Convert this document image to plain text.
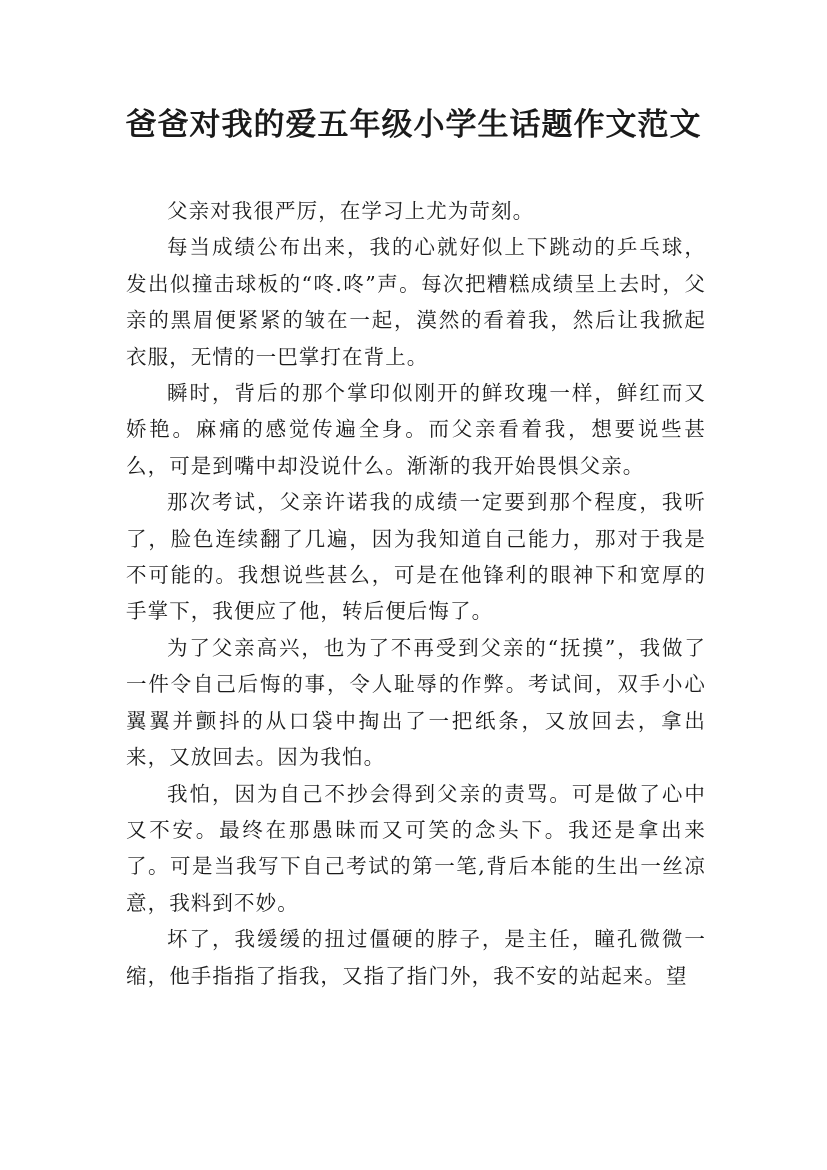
爸爸对我的爱五年级小学生话题作文范文

父亲对我很严厉，在学习上尤为苛刻。

每当成绩公布出来，我的心就好似上下跳动的乒乓球，发出似撞击球板的“咚.咚”声。每次把糟糕成绩呈上去时，父亲的黑眉便紧紧的皱在一起，漠然的看着我，然后让我掀起衣服，无情的一巴掌打在背上。

瞬时，背后的那个掌印似刚开的鲜玫瑰一样，鲜红而又娇艳。麻痛的感觉传遍全身。而父亲看着我，想要说些甚么，可是到嘴中却没说什么。渐渐的我开始畏惧父亲。

那次考试，父亲许诺我的成绩一定要到那个程度，我听了，脸色连续翻了几遍，因为我知道自己能力，那对于我是不可能的。我想说些甚么，可是在他锋利的眼神下和宽厚的手掌下，我便应了他，转后便后悔了。

为了父亲高兴，也为了不再受到父亲的“抚摸”，我做了一件令自己后悔的事，令人耻辱的作弊。考试间，双手小心翼翼并颤抖的从口袋中掏出了一把纸条，又放回去，拿出来，又放回去。因为我怕。

我怕，因为自己不抄会得到父亲的责骂。可是做了心中又不安。最终在那愚昧而又可笑的念头下。我还是拿出来了。可是当我写下自己考试的第一笔,背后本能的生出一丝凉意，我料到不妙。

坏了，我缓缓的扭过僵硬的脖子，是主任，瞳孔微微一缩，他手指指了指我，又指了指门外，我不安的站起来。望
